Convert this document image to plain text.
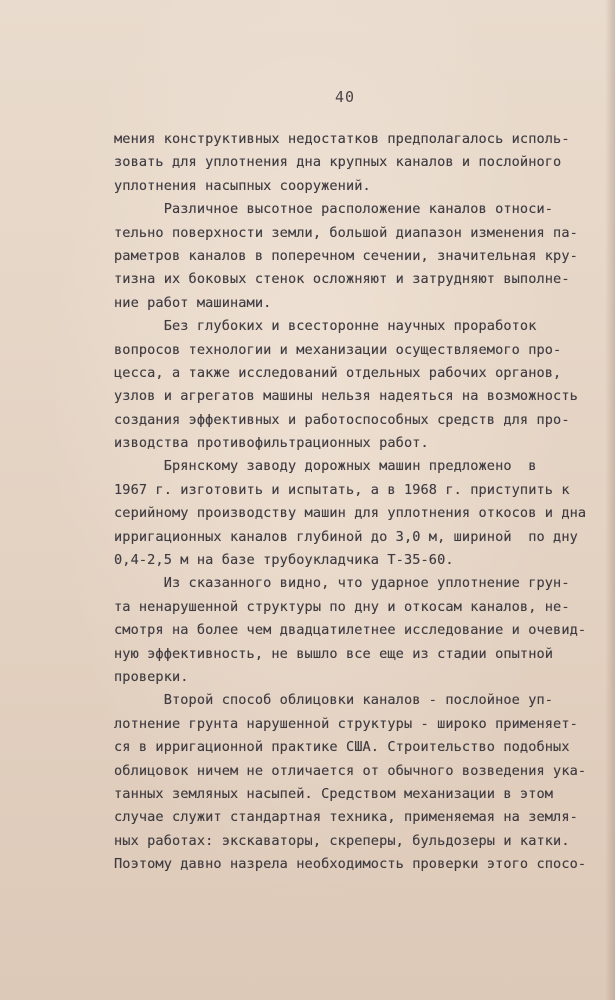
40
мения конструктивных недостатков предполагалось исполь-
зовать для уплотнения дна крупных каналов и послойного
уплотнения насыпных сооружений.
Различное высотное расположение каналов относи-
тельно поверхности земли, большой диапазон изменения па-
раметров каналов в поперечном сечении, значительная кру-
тизна их боковых стенок осложняют и затрудняют выполне-
ние работ машинами.
Без глубоких и всесторонне научных проработок
вопросов технологии и механизации осуществляемого про-
цесса, а также исследований отдельных рабочих органов,
узлов и агрегатов машины нельзя надеяться на возможность
создания эффективных и работоспособных средств для про-
изводства противофильтрационных работ.
Брянскому заводу дорожных машин предложено  в
1967 г. изготовить и испытать, а в 1968 г. приступить к
серийному производству машин для уплотнения откосов и дна
ирригационных каналов глубиной до 3,0 м, шириной  по дну
0,4-2,5 м на базе трубоукладчика Т-35-60.
Из сказанного видно, что ударное уплотнение грун-
та ненарушенной структуры по дну и откосам каналов, не-
смотря на более чем двадцатилетнее исследование и очевид-
ную эффективность, не вышло все еще из стадии опытной
проверки.
Второй способ облицовки каналов - послойное уп-
лотнение грунта нарушенной структуры - широко применяет-
ся в ирригационной практике США. Строительство подобных
облицовок ничем не отличается от обычного возведения ука-
танных земляных насыпей. Средством механизации в этом
случае служит стандартная техника, применяемая на земля-
ных работах: экскаваторы, скреперы, бульдозеры и катки.
Поэтому давно назрела необходимость проверки этого спосо-
